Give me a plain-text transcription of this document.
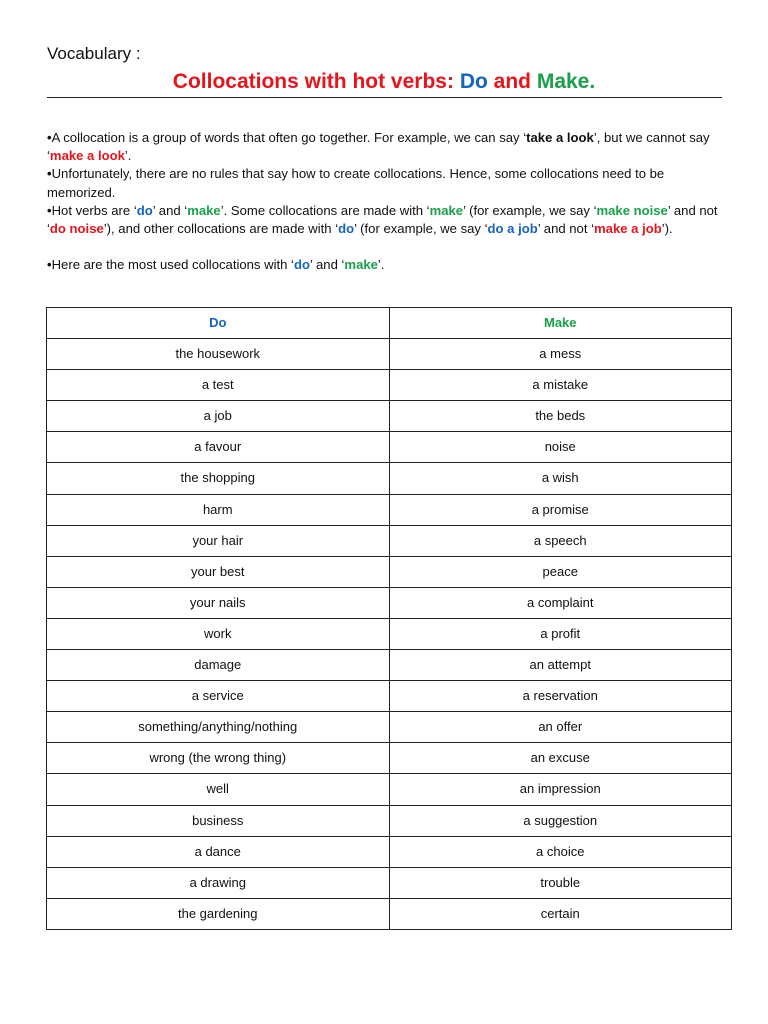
Vocabulary :
Collocations with hot verbs: Do and Make.

•A collocation is a group of words that often go together. For example, we can say ‘take a look’, but we cannot say ‘make a look’.

•Unfortunately, there are no rules that say how to create collocations. Hence, some collocations need to be memorized.

•Hot verbs are ‘do’ and ‘make’. Some collocations are made with ‘make’ (for example, we say ‘make noise’ and not ‘do noise’), and other collocations are made with ‘do’ (for example, we say ‘do a job’ and not ‘make a job’).

•Here are the most used collocations with ‘do’ and ‘make’.

Do	Make
the housework	a mess
a test	a mistake
a job	the beds
a favour	noise
the shopping	a wish
harm	a promise
your hair	a speech
your best	peace
your nails	a complaint
work	a profit
damage	an attempt
a service	a reservation
something/anything/nothing	an offer
wrong (the wrong thing)	an excuse
well	an impression
business	a suggestion
a dance	a choice
a drawing	trouble
the gardening	certain
